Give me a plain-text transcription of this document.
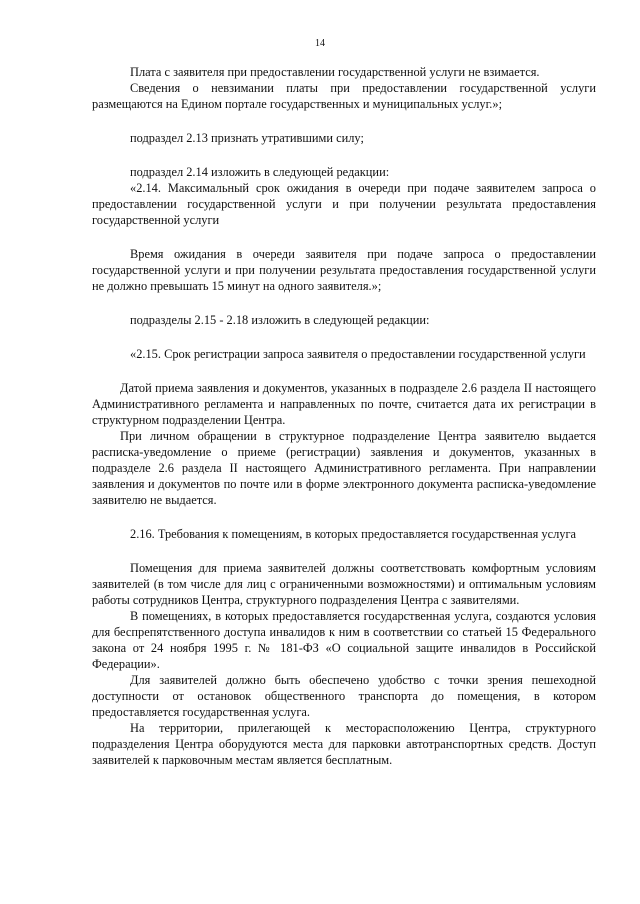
14

Плата с заявителя при предоставлении государственной услуги не взимается.

Сведения о невзимании платы при предоставлении государственной услуги размещаются на Едином портале государственных и муниципальных услуг.»;

подраздел 2.13 признать утратившими силу;

подраздел 2.14 изложить в следующей редакции:

«2.14. Максимальный срок ожидания в очереди при подаче заявителем запроса о предоставлении государственной услуги и при получении результата предоставления государственной услуги

Время ожидания в очереди заявителя при подаче запроса о предоставлении государственной услуги и при получении результата предоставления государственной услуги не должно превышать 15 минут на одного заявителя.»;

подразделы 2.15 - 2.18 изложить в следующей редакции:

«2.15. Срок регистрации запроса заявителя о предоставлении государственной услуги

Датой приема заявления и документов, указанных в подразделе 2.6 раздела II настоящего Административного регламента и направленных по почте, считается дата их регистрации в структурном подразделении Центра.

При личном обращении в структурное подразделение Центра заявителю выдается расписка-уведомление о приеме (регистрации) заявления и документов, указанных в подразделе 2.6 раздела II настоящего Административного регламента. При направлении заявления и документов по почте или в форме электронного документа расписка-уведомление заявителю не выдается.

2.16. Требования к помещениям, в которых предоставляется государственная услуга

Помещения для приема заявителей должны соответствовать комфортным условиям заявителей (в том числе для лиц с ограниченными возможностями) и оптимальным условиям работы сотрудников Центра, структурного подразделения Центра с заявителями.

В помещениях, в которых предоставляется государственная услуга, создаются условия для беспрепятственного доступа инвалидов к ним в соответствии со статьей 15 Федерального закона от 24 ноября 1995 г. № 181-ФЗ «О социальной защите инвалидов в Российской Федерации».

Для заявителей должно быть обеспечено удобство с точки зрения пешеходной доступности от остановок общественного транспорта до помещения, в котором предоставляется государственная услуга.

На территории, прилегающей к месторасположению Центра, структурного подразделения Центра оборудуются места для парковки автотранспортных средств. Доступ заявителей к парковочным местам является бесплатным.
